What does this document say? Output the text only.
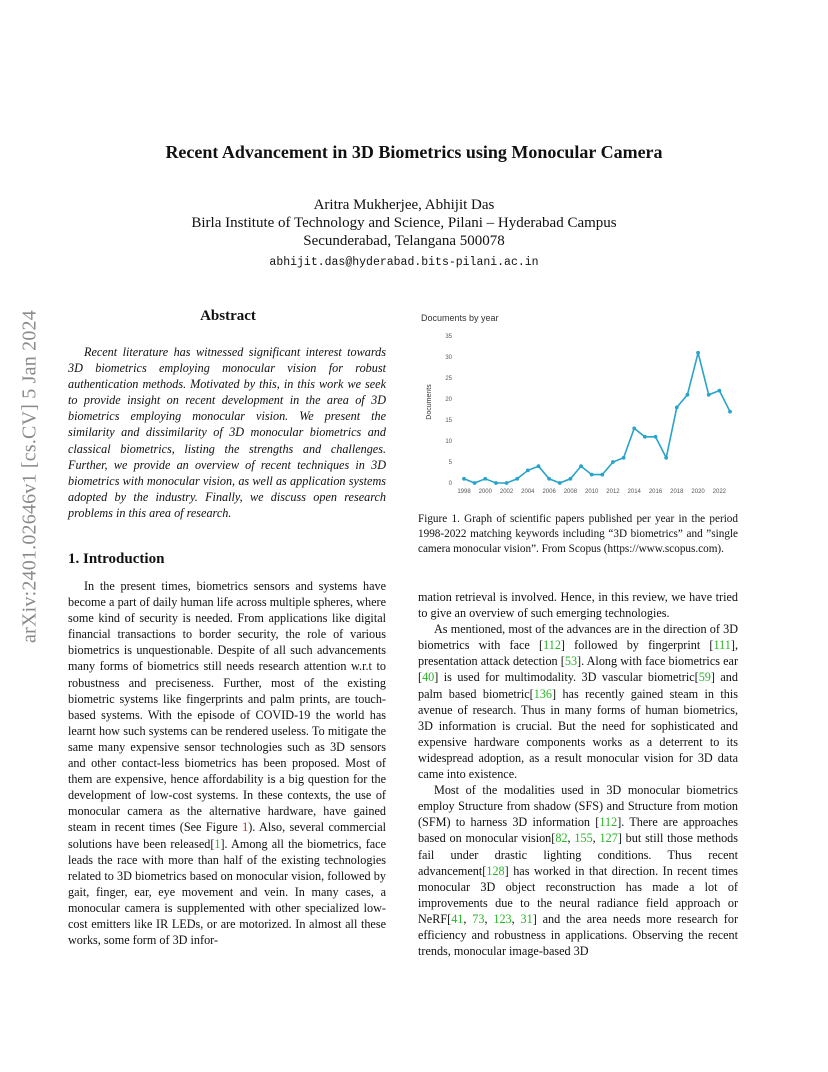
arXiv:2401.02646v1 [cs.CV] 5 Jan 2024
Recent Advancement in 3D Biometrics using Monocular Camera
Aritra Mukherjee, Abhijit Das
Birla Institute of Technology and Science, Pilani – Hyderabad Campus
Secunderabad, Telangana 500078
abhijit.das@hyderabad.bits-pilani.ac.in
Abstract
Recent literature has witnessed significant interest towards 3D biometrics employing monocular vision for robust authentication methods. Motivated by this, in this work we seek to provide insight on recent development in the area of 3D biometrics employing monocular vision. We present the similarity and dissimilarity of 3D monocular biometrics and classical biometrics, listing the strengths and challenges. Further, we provide an overview of recent techniques in 3D biometrics with monocular vision, as well as application systems adopted by the industry. Finally, we discuss open research problems in this area of research.
1. Introduction
In the present times, biometrics sensors and systems have become a part of daily human life across multiple spheres, where some kind of security is needed. From applications like digital financial transactions to border security, the role of various biometrics is unquestionable. Despite of all such advancements many forms of biometrics still needs research attention w.r.t to robustness and preciseness. Further, most of the existing biometric systems like fingerprints and palm prints, are touch-based systems. With the episode of COVID-19 the world has learnt how such systems can be rendered useless. To mitigate the same many expensive sensor technologies such as 3D sensors and other contact-less biometrics has been proposed. Most of them are expensive, hence affordability is a big question for the development of low-cost systems. In these contexts, the use of monocular camera as the alternative hardware, have gained steam in recent times (See Figure 1). Also, several commercial solutions have been released[1]. Among all the biometrics, face leads the race with more than half of the existing technologies related to 3D biometrics based on monocular vision, followed by gait, finger, ear, eye movement and vein. In many cases, a monocular camera is supplemented with other specialized low-cost emitters like IR LEDs, or are motorized. In almost all these works, some form of 3D infor-
Documents by year
Documents
0
5
10
15
20
25
30
35
1998 2000 2002 2004 2006 2008 2010 2012 2014 2016 2018 2020 2022
Figure 1. Graph of scientific papers published per year in the period 1998-2022 matching keywords including “3D biometrics” and ”single camera monocular vision”. From Scopus (https://www.scopus.com).

mation retrieval is involved. Hence, in this review, we have tried to give an overview of such emerging technologies.

As mentioned, most of the advances are in the direction of 3D biometrics with face [112] followed by fingerprint [111], presentation attack detection [53]. Along with face biometrics ear [40] is used for multimodality. 3D vascular biometric[59] and palm based biometric[136] has recently gained steam in this avenue of research. Thus in many forms of human biometrics, 3D information is crucial. But the need for sophisticated and expensive hardware components works as a deterrent to its widespread adoption, as a result monocular vision for 3D data came into existence.

Most of the modalities used in 3D monocular biometrics employ Structure from shadow (SFS) and Structure from motion (SFM) to harness 3D information [112]. There are approaches based on monocular vision[82, 155, 127] but still those methods fail under drastic lighting conditions. Thus recent advancement[128] has worked in that direction. In recent times monocular 3D object reconstruction has made a lot of improvements due to the neural radiance field approach or NeRF[41, 73, 123, 31] and the area needs more research for efficiency and robustness in applications. Observing the recent trends, monocular image-based 3D
